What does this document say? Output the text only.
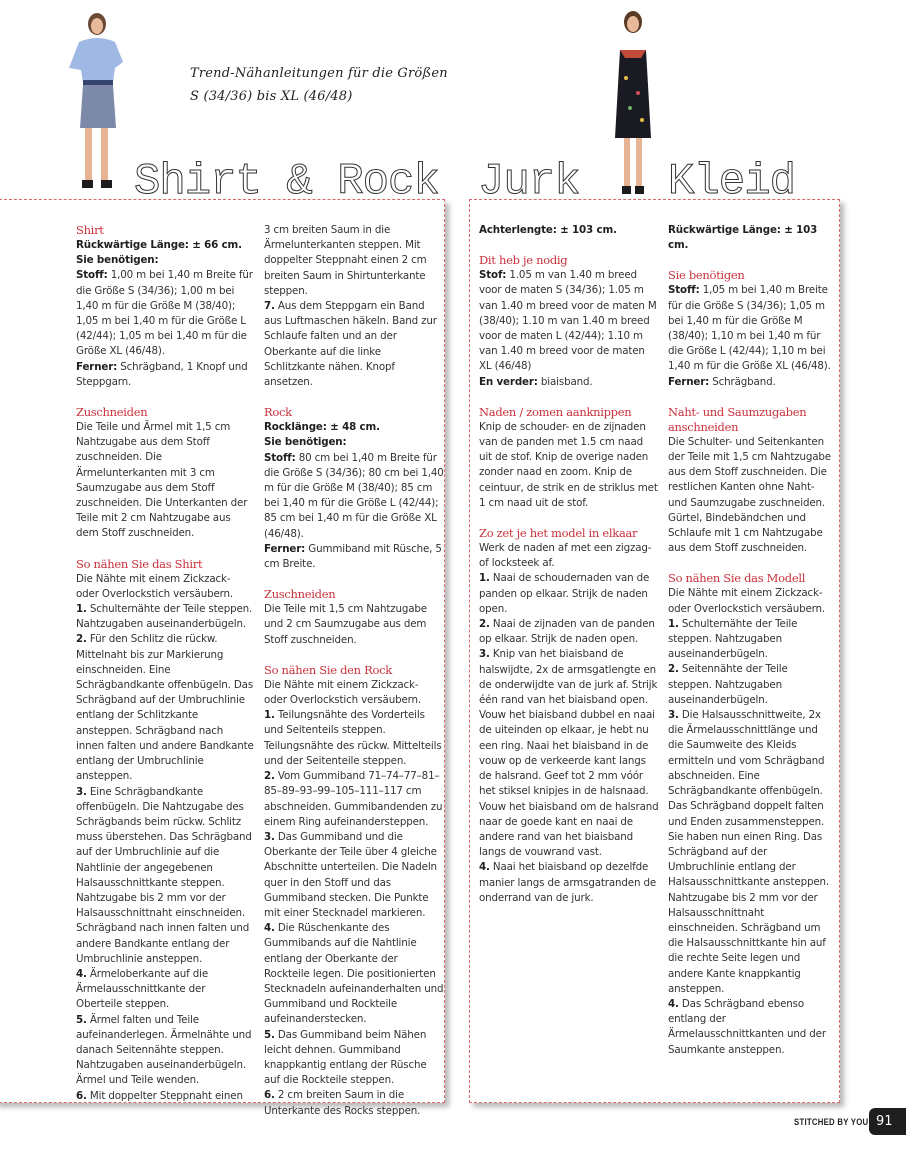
Trend-Nähanleitungen für die Größen
S (34/36) bis XL (46/48)
Shirt & Rock Jurk Kleid
Shirt
Rückwärtige Länge: ± 66 cm.
Sie benötigen:
Stoff: 1,00 m bei 1,40 m Breite für die Größe S (34/36); 1,00 m bei 1,40 m für die Größe M (38/40); 1,05 m bei 1,40 m für die Größe L (42/44); 1,05 m bei 1,40 m für die Größe XL (46/48).
Ferner: Schrägband, 1 Knopf und Steppgarn.
Zuschneiden
Die Teile und Ärmel mit 1,5 cm Nahtzugabe aus dem Stoff zuschneiden. Die Ärmelunterkanten mit 3 cm Saumzugabe aus dem Stoff zuschneiden. Die Unterkanten der Teile mit 2 cm Nahtzugabe aus dem Stoff zuschneiden.
So nähen Sie das Shirt
Die Nähte mit einem Zickzack- oder Overlockstich versäubern.
1. Schulternähte der Teile steppen. Nahtzugaben auseinanderbügeln.
2. Für den Schlitz die rückw. Mittelnaht bis zur Markierung einschneiden. Eine Schrägbandkante offenbügeln. Das Schrägband auf der Umbruchlinie entlang der Schlitzkante ansteppen. Schrägband nach innen falten und andere Bandkante entlang der Umbruchlinie ansteppen.
3. Eine Schrägbandkante offenbügeln. Die Nahtzugabe des Schrägbands beim rückw. Schlitz muss überstehen. Das Schrägband auf der Umbruchlinie auf die Nahtlinie der angegebenen Halsausschnittkante steppen. Nahtzugabe bis 2 mm vor der Halsausschnittnaht einschneiden. Schrägband nach innen falten und andere Bandkante entlang der Umbruchlinie ansteppen.
4. Ärmeloberkante auf die Ärmelausschnittkante der Oberteile steppen.
5. Ärmel falten und Teile aufeinanderlegen. Ärmelnähte und danach Seitennähte steppen. Nahtzugaben auseinanderbügeln. Ärmel und Teile wenden.
6. Mit doppelter Steppnaht einen
3 cm breiten Saum in die Ärmelunterkanten steppen. Mit doppelter Steppnaht einen 2 cm breiten Saum in Shirtunterkante steppen.
7. Aus dem Steppgarn ein Band aus Luftmaschen häkeln. Band zur Schlaufe falten und an der Oberkante auf die linke Schlitzkante nähen. Knopf ansetzen.
Rock
Rocklänge: ± 48 cm.
Sie benötigen:
Stoff: 80 cm bei 1,40 m Breite für die Größe S (34/36); 80 cm bei 1,40 m für die Größe M (38/40); 85 cm bei 1,40 m für die Größe L (42/44); 85 cm bei 1,40 m für die Größe XL (46/48).
Ferner: Gummiband mit Rüsche, 5 cm Breite.
Zuschneiden
Die Teile mit 1,5 cm Nahtzugabe und 2 cm Saumzugabe aus dem Stoff zuschneiden.
So nähen Sie den Rock
Die Nähte mit einem Zickzack- oder Overlockstich versäubern.
1. Teilungsnähte des Vorderteils und Seitenteils steppen. Teilungsnähte des rückw. Mittelteils und der Seitenteile steppen.
2. Vom Gummiband 71–74–77–81–85–89–93–99–105–111–117 cm abschneiden. Gummibandenden zu einem Ring aufeinandersteppen.
3. Das Gummiband und die Oberkante der Teile über 4 gleiche Abschnitte unterteilen. Die Nadeln quer in den Stoff und das Gummiband stecken. Die Punkte mit einer Stecknadel markieren.
4. Die Rüschenkante des Gummibands auf die Nahtlinie entlang der Oberkante der Rockteile legen. Die positionierten Stecknadeln aufeinanderhalten und Gummiband und Rockteile aufeinanderstecken.
5. Das Gummiband beim Nähen leicht dehnen. Gummiband knappkantig entlang der Rüsche auf die Rockteile steppen.
6. 2 cm breiten Saum in die Unterkante des Rocks steppen.
Achterlengte: ± 103 cm.
Dit heb je nodig
Stof: 1.05 m van 1.40 m breed voor de maten S (34/36); 1.05 m van 1.40 m breed voor de maten M (38/40); 1.10 m van 1.40 m breed voor de maten L (42/44); 1.10 m van 1.40 m breed voor de maten XL (46/48)
En verder: biaisband.
Naden / zomen aanknippen
Knip de schouder- en de zijnaden van de panden met 1.5 cm naad uit de stof. Knip de overige naden zonder naad en zoom. Knip de ceintuur, de strik en de striklus met 1 cm naad uit de stof.
Zo zet je het model in elkaar
Werk de naden af met een zigzag- of locksteek af.
1. Naai de schoudernaden van de panden op elkaar. Strijk de naden open.
2. Naai de zijnaden van de panden op elkaar. Strijk de naden open.
3. Knip van het biaisband de halswijdte, 2x de armsgatlengte en de onderwijdte van de jurk af. Strijk één rand van het biaisband open. Vouw het biaisband dubbel en naai de uiteinden op elkaar, je hebt nu een ring. Naai het biaisband in de vouw op de verkeerde kant langs de halsrand. Geef tot 2 mm vóór het stiksel knipjes in de halsnaad. Vouw het biaisband om de halsrand naar de goede kant en naai de andere rand van het biaisband langs de vouwrand vast.
4. Naai het biaisband op dezelfde manier langs de armsgatranden de onderrand van de jurk.
Rückwärtige Länge: ± 103 cm.
Sie benötigen
Stoff: 1,05 m bei 1,40 m Breite für die Größe S (34/36); 1,05 m bei 1,40 m für die Größe M (38/40); 1,10 m bei 1,40 m für die Größe L (42/44); 1,10 m bei 1,40 m für die Größe XL (46/48).
Ferner: Schrägband.
Naht- und Saumzugaben anschneiden
Die Schulter- und Seitenkanten der Teile mit 1,5 cm Nahtzugabe aus dem Stoff zuschneiden. Die restlichen Kanten ohne Naht- und Saumzugabe zuschneiden. Gürtel, Bindebändchen und Schlaufe mit 1 cm Nahtzugabe aus dem Stoff zuschneiden.
So nähen Sie das Modell
Die Nähte mit einem Zickzack- oder Overlockstich versäubern.
1. Schulternähte der Teile steppen. Nahtzugaben auseinanderbügeln.
2. Seitennähte der Teile steppen. Nahtzugaben auseinanderbügeln.
3. Die Halsausschnittweite, 2x die Ärmelausschnittlänge und die Saumweite des Kleids ermitteln und vom Schrägband abschneiden. Eine Schrägbandkante offenbügeln. Das Schrägband doppelt falten und Enden zusammensteppen. Sie haben nun einen Ring. Das Schrägband auf der Umbruchlinie entlang der Halsausschnittkante ansteppen. Nahtzugabe bis 2 mm vor der Halsausschnittnaht einschneiden. Schrägband um die Halsausschnittkante hin auf die rechte Seite legen und andere Kante knappkantig ansteppen.
4. Das Schrägband ebenso entlang der Ärmelausschnittkanten und der Saumkante ansteppen.
STITCHED BY YOU 91
